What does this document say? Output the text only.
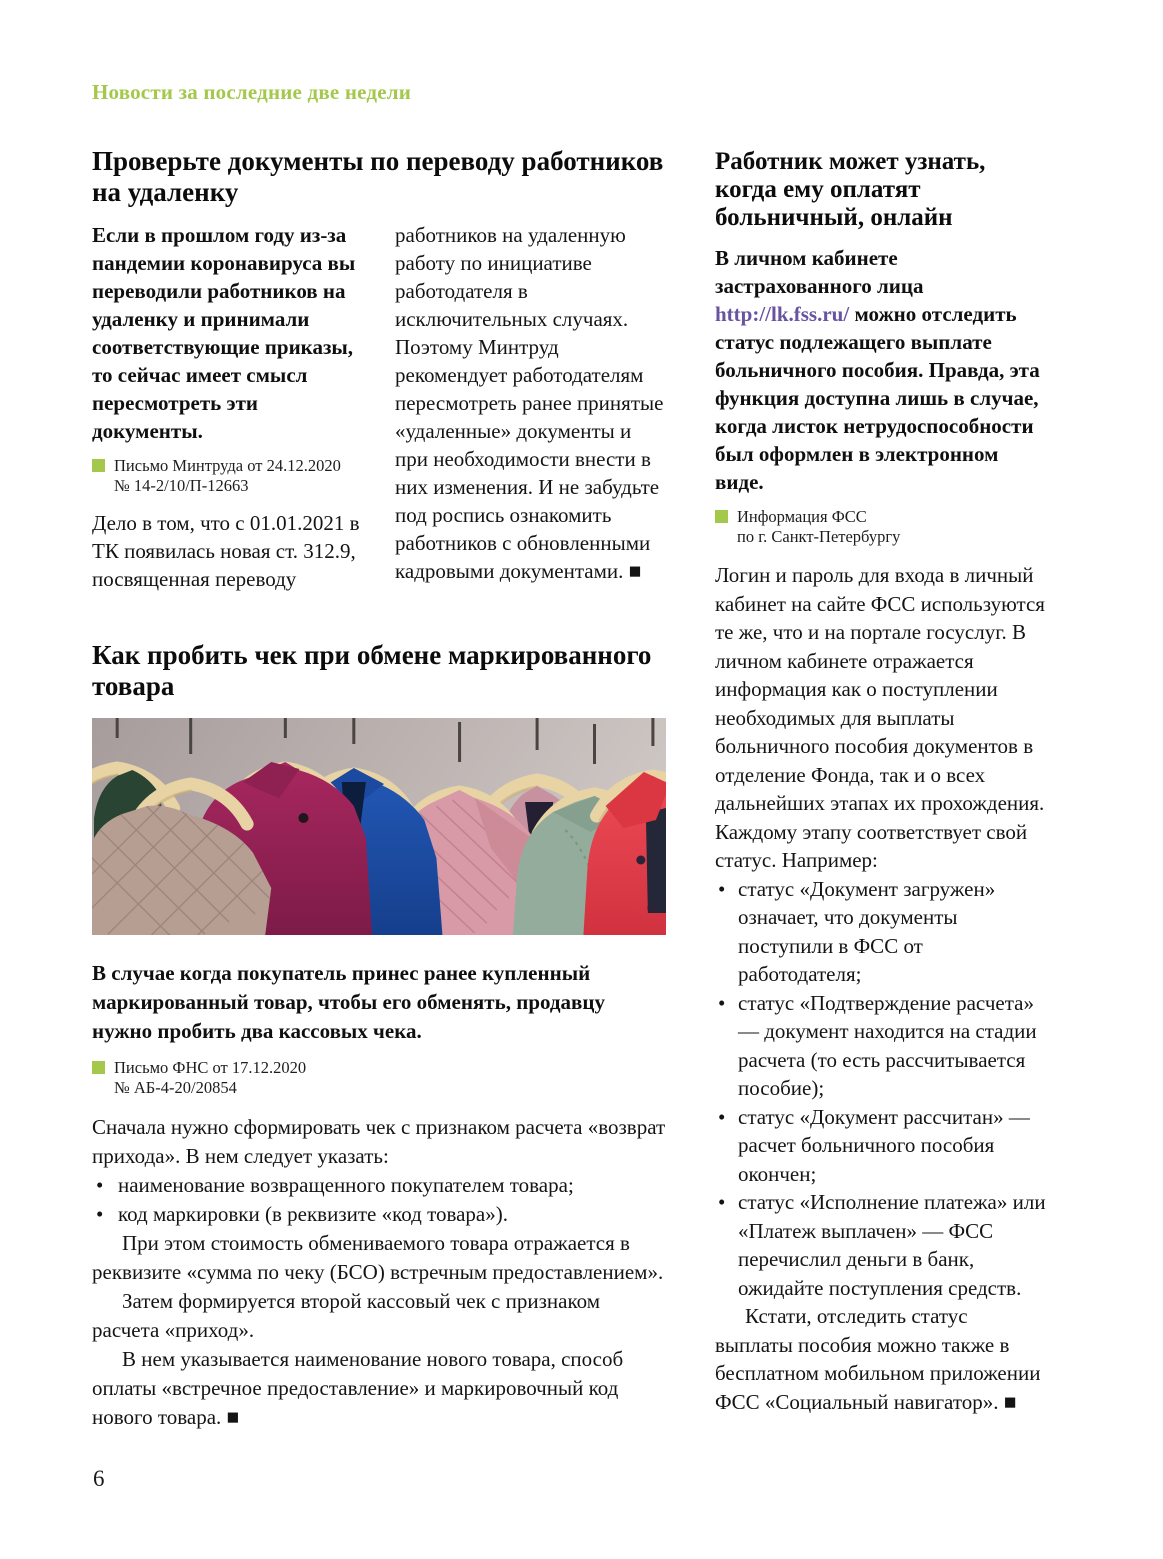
Новости за последние две недели
Проверьте документы по переводу работников на удаленку
Если в прошлом году из-за пандемии коронавируса вы переводили работников на удаленку и принимали соответствующие приказы, то сейчас имеет смысл пересмотреть эти документы.
Письмо Минтруда от 24.12.2020
№ 14-2/10/П-12663
Дело в том, что с 01.01.2021 в ТК появилась новая ст. 312.9, посвященная переводу
работников на удаленную работу по инициативе работодателя в исключительных случаях. Поэтому Минтруд рекомендует работодателям пересмотреть ранее принятые «удаленные» документы и при необходимости внести в них изменения. И не забудьте под роспись ознакомить работников с обновленными кадровыми документами. ■
Как пробить чек при обмене маркированного товара
В случае когда покупатель принес ранее купленный маркированный товар, чтобы его обменять, продавцу нужно пробить два кассовых чека.
Письмо ФНС от 17.12.2020
№ АБ-4-20/20854
Сначала нужно сформировать чек с признаком расчета «возврат прихода». В нем следует указать:
• наименование возвращенного покупателем товара;
• код маркировки (в реквизите «код товара»).
При этом стоимость обмениваемого товара отражается в реквизите «сумма по чеку (БСО) встречным предоставлением».
Затем формируется второй кассовый чек с признаком расчета «приход».
В нем указывается наименование нового товара, способ оплаты «встречное предоставление» и маркировочный код нового товара. ■
Работник может узнать, когда ему оплатят больничный, онлайн
В личном кабинете застрахованного лица http://lk.fss.ru/ можно отследить статус подлежащего выплате больничного пособия. Правда, эта функция доступна лишь в случае, когда листок нетрудоспособности был оформлен в электронном виде.
Информация ФСС
по г. Санкт-Петербургу
Логин и пароль для входа в личный кабинет на сайте ФСС используются те же, что и на портале госуслуг. В личном кабинете отражается информация как о поступлении необходимых для выплаты больничного пособия документов в отделение Фонда, так и о всех дальнейших этапах их прохождения. Каждому этапу соответствует свой статус. Например:
• статус «Документ загружен» означает, что документы поступили в ФСС от работодателя;
• статус «Подтверждение расчета» — документ находится на стадии расчета (то есть рассчитывается пособие);
• статус «Документ рассчитан» — расчет больничного пособия окончен;
• статус «Исполнение платежа» или «Платеж выплачен» — ФСС перечислил деньги в банк, ожидайте поступления средств.
Кстати, отследить статус выплаты пособия можно также в бесплатном мобильном приложении ФСС «Социальный навигатор». ■
6
